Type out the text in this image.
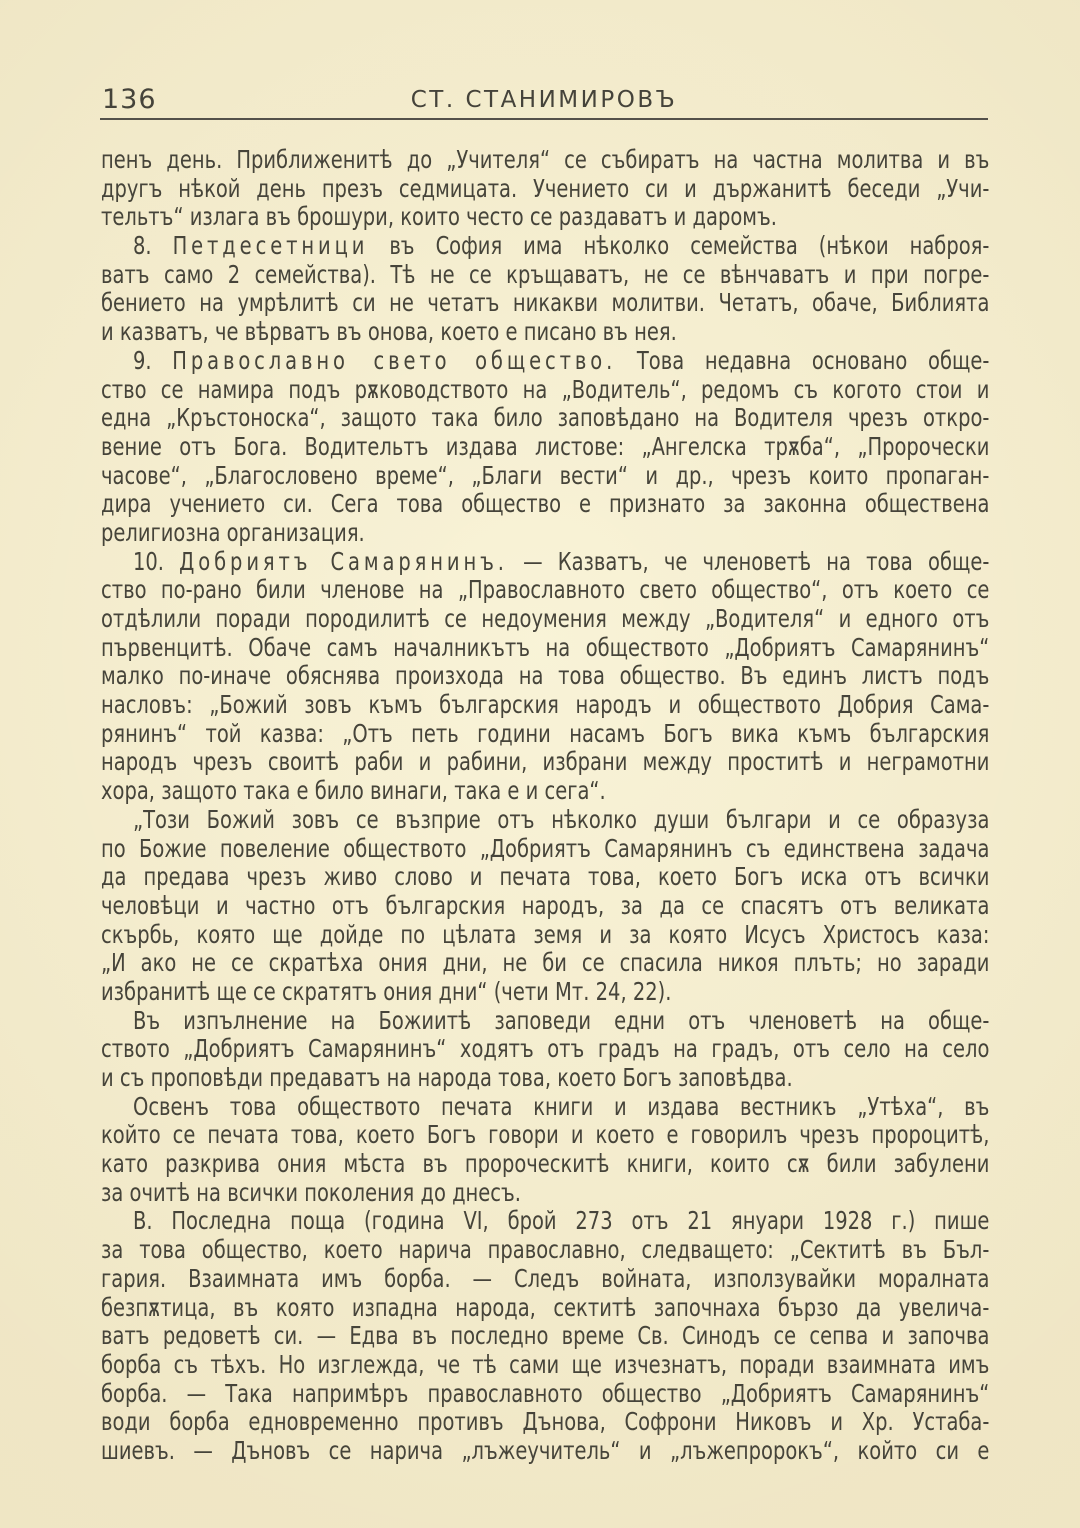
136	СТ. СТАНИМИРОВЪ
пенъ день. Приближенитѣ до „Учителя“ се събиратъ на частна молитва и въ
другъ нѣкой день презъ седмицата. Учението си и държанитѣ беседи „Учи-
тельтъ“ излага въ брошури, които често се раздаватъ и даромъ.
8. Петдесетници въ София има нѣколко семейства (нѣкои наброя-
ватъ само 2 семейства). Тѣ не се кръщаватъ, не се вѣнчаватъ и при погре-
бението на умрѣлитѣ си не четатъ никакви молитви. Четатъ, обаче, Библията
и казватъ, че вѣрватъ въ онова, което е писано въ нея.
9. Православно свето общество. Това недавна основано обще-
ство се намира подъ рѫководството на „Водитель“, редомъ съ когото стои и
една „Кръстоноска“, защото така било заповѣдано на Водителя чрезъ откро-
вение отъ Бога. Водительтъ издава листове: „Ангелска трѫба“, „Пророчески
часове“, „Благословено време“, „Благи вести“ и др., чрезъ които пропаган-
дира учението си. Сега това общество е признато за законна обществена
религиозна организация.
10. Добриятъ Самарянинъ. — Казватъ, че членоветѣ на това обще-
ство по-рано били членове на „Православното свето общество“, отъ което се
отдѣлили поради породилитѣ се недоумения между „Водителя“ и едного отъ
първенцитѣ. Обаче самъ началникътъ на обществото „Добриятъ Самарянинъ“
малко по-иначе обяснява произхода на това общество. Въ единъ листъ подъ
насловъ: „Божий зовъ къмъ българския народъ и обществото Добрия Сама-
рянинъ“ той казва: „Отъ петь години насамъ Богъ вика къмъ българския
народъ чрезъ своитѣ раби и рабини, избрани между проститѣ и неграмотни
хора, защото така е било винаги, така е и сега“.
„Този Божий зовъ се възприе отъ нѣколко души българи и се образуза
по Божие повеление обществото „Добриятъ Самарянинъ съ единствена задача
да предава чрезъ живо слово и печата това, което Богъ иска отъ всички
человѣци и частно отъ българския народъ, за да се спасятъ отъ великата
скърбь, която ще дойде по цѣлата земя и за която Исусъ Христосъ каза:
„И ако не се скратѣха ония дни, не би се спасила никоя плъть; но заради
избранитѣ ще се скратятъ ония дни“ (чети Мт. 24, 22).
Въ изпълнение на Божиитѣ заповеди едни отъ членоветѣ на обще-
ството „Добриятъ Самарянинъ“ ходятъ отъ градъ на градъ, отъ село на село
и съ проповѣди предаватъ на народа това, което Богъ заповѣдва.
Освенъ това обществото печата книги и издава вестникъ „Утѣха“, въ
който се печата това, което Богъ говори и което е говорилъ чрезъ пророцитѣ,
като разкрива ония мѣста въ пророческитѣ книги, които сѫ били забулени
за очитѣ на всички поколения до днесъ.
В. Последна поща (година VI, брой 273 отъ 21 януари 1928 г.) пише
за това общество, което нарича православно, следващето: „Сектитѣ въ Бъл-
гария. Взаимната имъ борба. — Следъ войната, използувайки моралната
безпѫтица, въ която изпадна народа, сектитѣ започнаха бързо да увелича-
ватъ редоветѣ си. — Едва въ последно време Св. Синодъ се сепва и започва
борба съ тѣхъ. Но изглежда, че тѣ сами ще изчезнатъ, поради взаимната имъ
борба. — Така напримѣръ православното общество „Добриятъ Самарянинъ“
води борба едновременно противъ Дънова, Софрони Никовъ и Хр. Устаба-
шиевъ. — Дъновъ се нарича „лъжеучитель“ и „лъжепророкъ“, който си е
